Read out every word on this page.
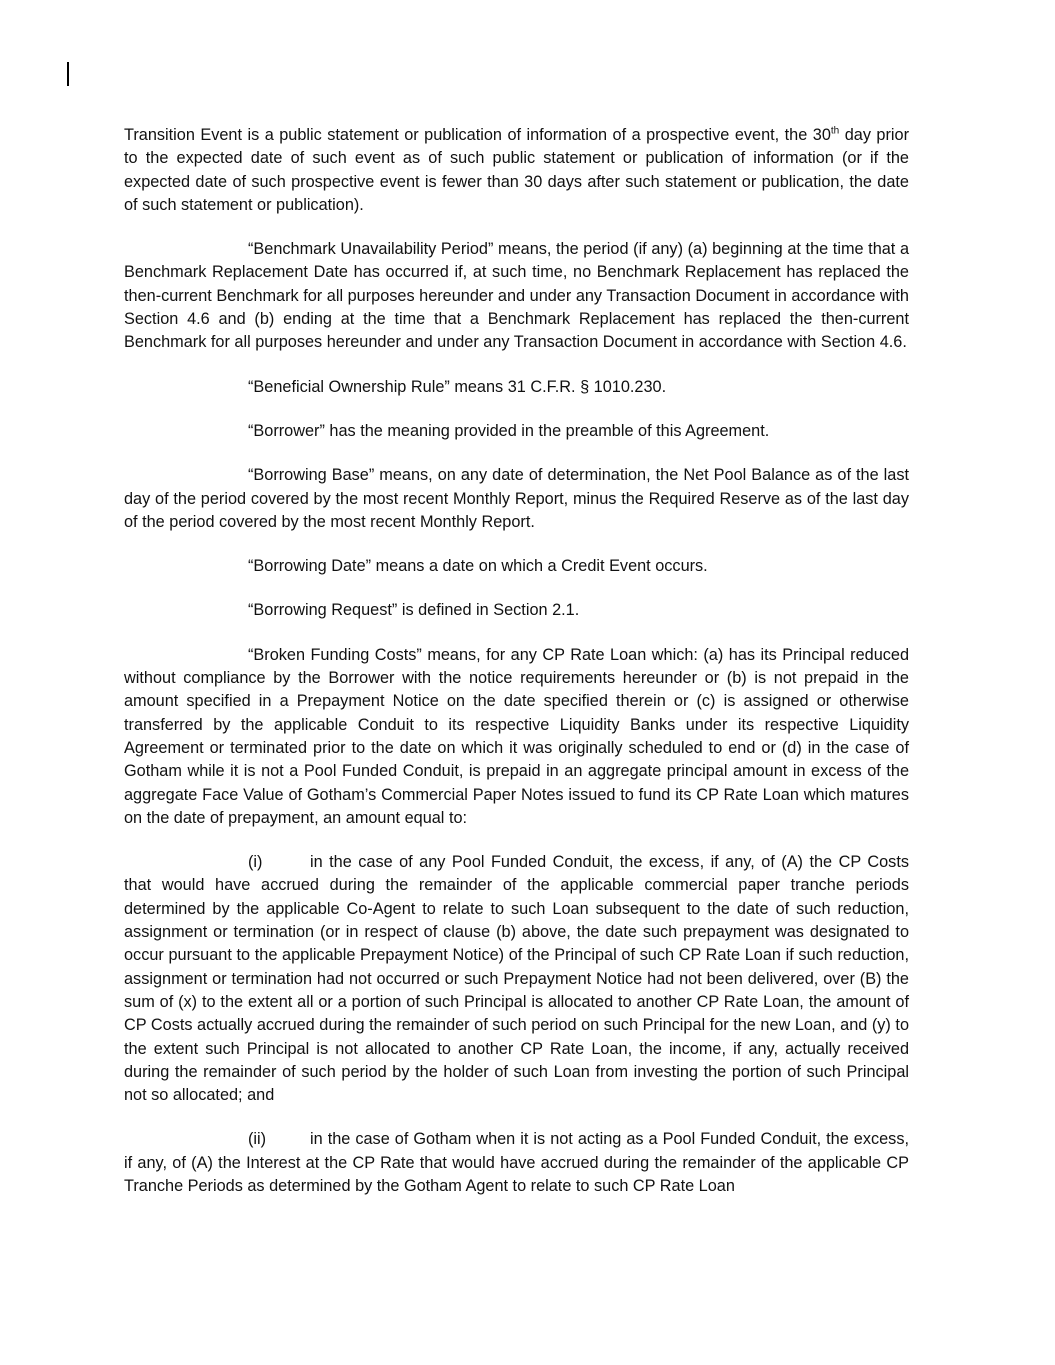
Transition Event is a public statement or publication of information of a prospective event, the 30th day prior to the expected date of such event as of such public statement or publication of information (or if the expected date of such prospective event is fewer than 30 days after such statement or publication, the date of such statement or publication).

“Benchmark Unavailability Period” means, the period (if any) (a) beginning at the time that a Benchmark Replacement Date has occurred if, at such time, no Benchmark Replacement has replaced the then-current Benchmark for all purposes hereunder and under any Transaction Document in accordance with Section 4.6 and (b) ending at the time that a Benchmark Replacement has replaced the then-current Benchmark for all purposes hereunder and under any Transaction Document in accordance with Section 4.6.

“Beneficial Ownership Rule” means 31 C.F.R. § 1010.230.

“Borrower” has the meaning provided in the preamble of this Agreement.

“Borrowing Base” means, on any date of determination, the Net Pool Balance as of the last day of the period covered by the most recent Monthly Report, minus the Required Reserve as of the last day of the period covered by the most recent Monthly Report.

“Borrowing Date” means a date on which a Credit Event occurs.

“Borrowing Request” is defined in Section 2.1.

“Broken Funding Costs” means, for any CP Rate Loan which: (a) has its Principal reduced without compliance by the Borrower with the notice requirements hereunder or (b) is not prepaid in the amount specified in a Prepayment Notice on the date specified therein or (c) is assigned or otherwise transferred by the applicable Conduit to its respective Liquidity Banks under its respective Liquidity Agreement or terminated prior to the date on which it was originally scheduled to end or (d) in the case of Gotham while it is not a Pool Funded Conduit, is prepaid in an aggregate principal amount in excess of the aggregate Face Value of Gotham’s Commercial Paper Notes issued to fund its CP Rate Loan which matures on the date of prepayment, an amount equal to:

(i)	in the case of any Pool Funded Conduit, the excess, if any, of (A) the CP Costs that would have accrued during the remainder of the applicable commercial paper tranche periods determined by the applicable Co-Agent to relate to such Loan subsequent to the date of such reduction, assignment or termination (or in respect of clause (b) above, the date such prepayment was designated to occur pursuant to the applicable Prepayment Notice) of the Principal of such CP Rate Loan if such reduction, assignment or termination had not occurred or such Prepayment Notice had not been delivered, over (B) the sum of (x) to the extent all or a portion of such Principal is allocated to another CP Rate Loan, the amount of CP Costs actually accrued during the remainder of such period on such Principal for the new Loan, and (y) to the extent such Principal is not allocated to another CP Rate Loan, the income, if any, actually received during the remainder of such period by the holder of such Loan from investing the portion of such Principal not so allocated; and

(ii)	in the case of Gotham when it is not acting as a Pool Funded Conduit, the excess, if any, of (A) the Interest at the CP Rate that would have accrued during the remainder of the applicable CP Tranche Periods as determined by the Gotham Agent to relate to such CP Rate Loan
